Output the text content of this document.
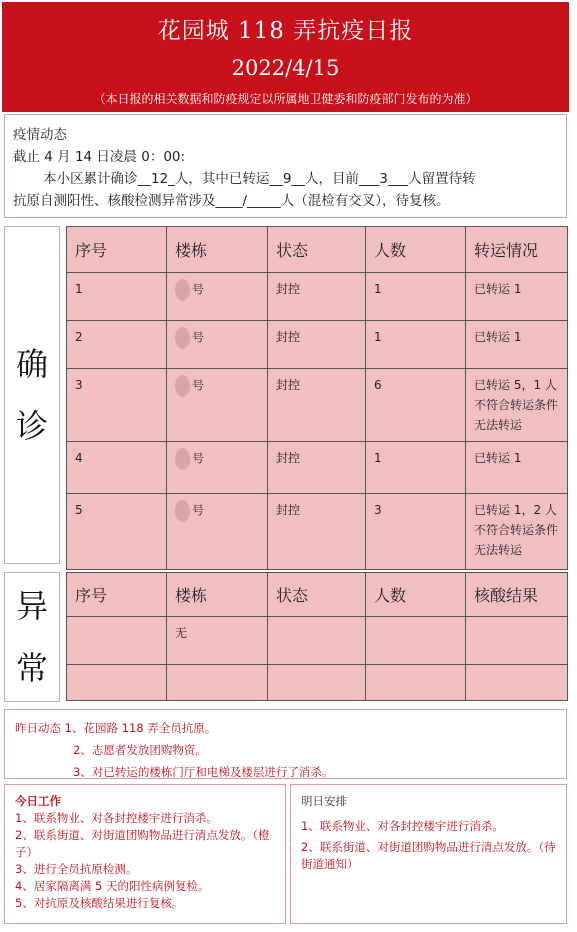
花园城 118 弄抗疫日报
2022/4/15
（本日报的相关数据和防疫规定以所属地卫健委和防疫部门发布的为准）
疫情动态
截止 4 月 14 日凌晨 0：00:
本小区累计确诊__12_人，其中已转运__9__人，目前___3___人留置待转
抗原自测阳性、核酸检测异常涉及____/_____人（混检有交叉），待复核。
确
诊
序号	楼栋	状态	人数	转运情况
1	号	封控	1	已转运 1
2	号	封控	1	已转运 1
3	号	封控	6	已转运 5，1 人不符合转运条件无法转运
4	号	封控	1	已转运 1
5	号	封控	3	已转运 1，2 人不符合转运条件无法转运
异
常
序号	楼栋	状态	人数	核酸结果
	无			

昨日动态 1、花园路 118 弄全员抗原。
2、志愿者发放团购物资。
3、对已转运的楼栋门厅和电梯及楼层进行了消杀。
今日工作
1、联系物业、对各封控楼宇进行消杀。
2、联系街道、对街道团购物品进行清点发放。（橙子）
3、进行全员抗原检测。
4、居家隔离满 5 天的阳性病例复检。
5、对抗原及核酸结果进行复核。
明日安排
1、联系物业、对各封控楼宇进行消杀。
2、联系街道、对街道团购物品进行清点发放。（待街道通知）
